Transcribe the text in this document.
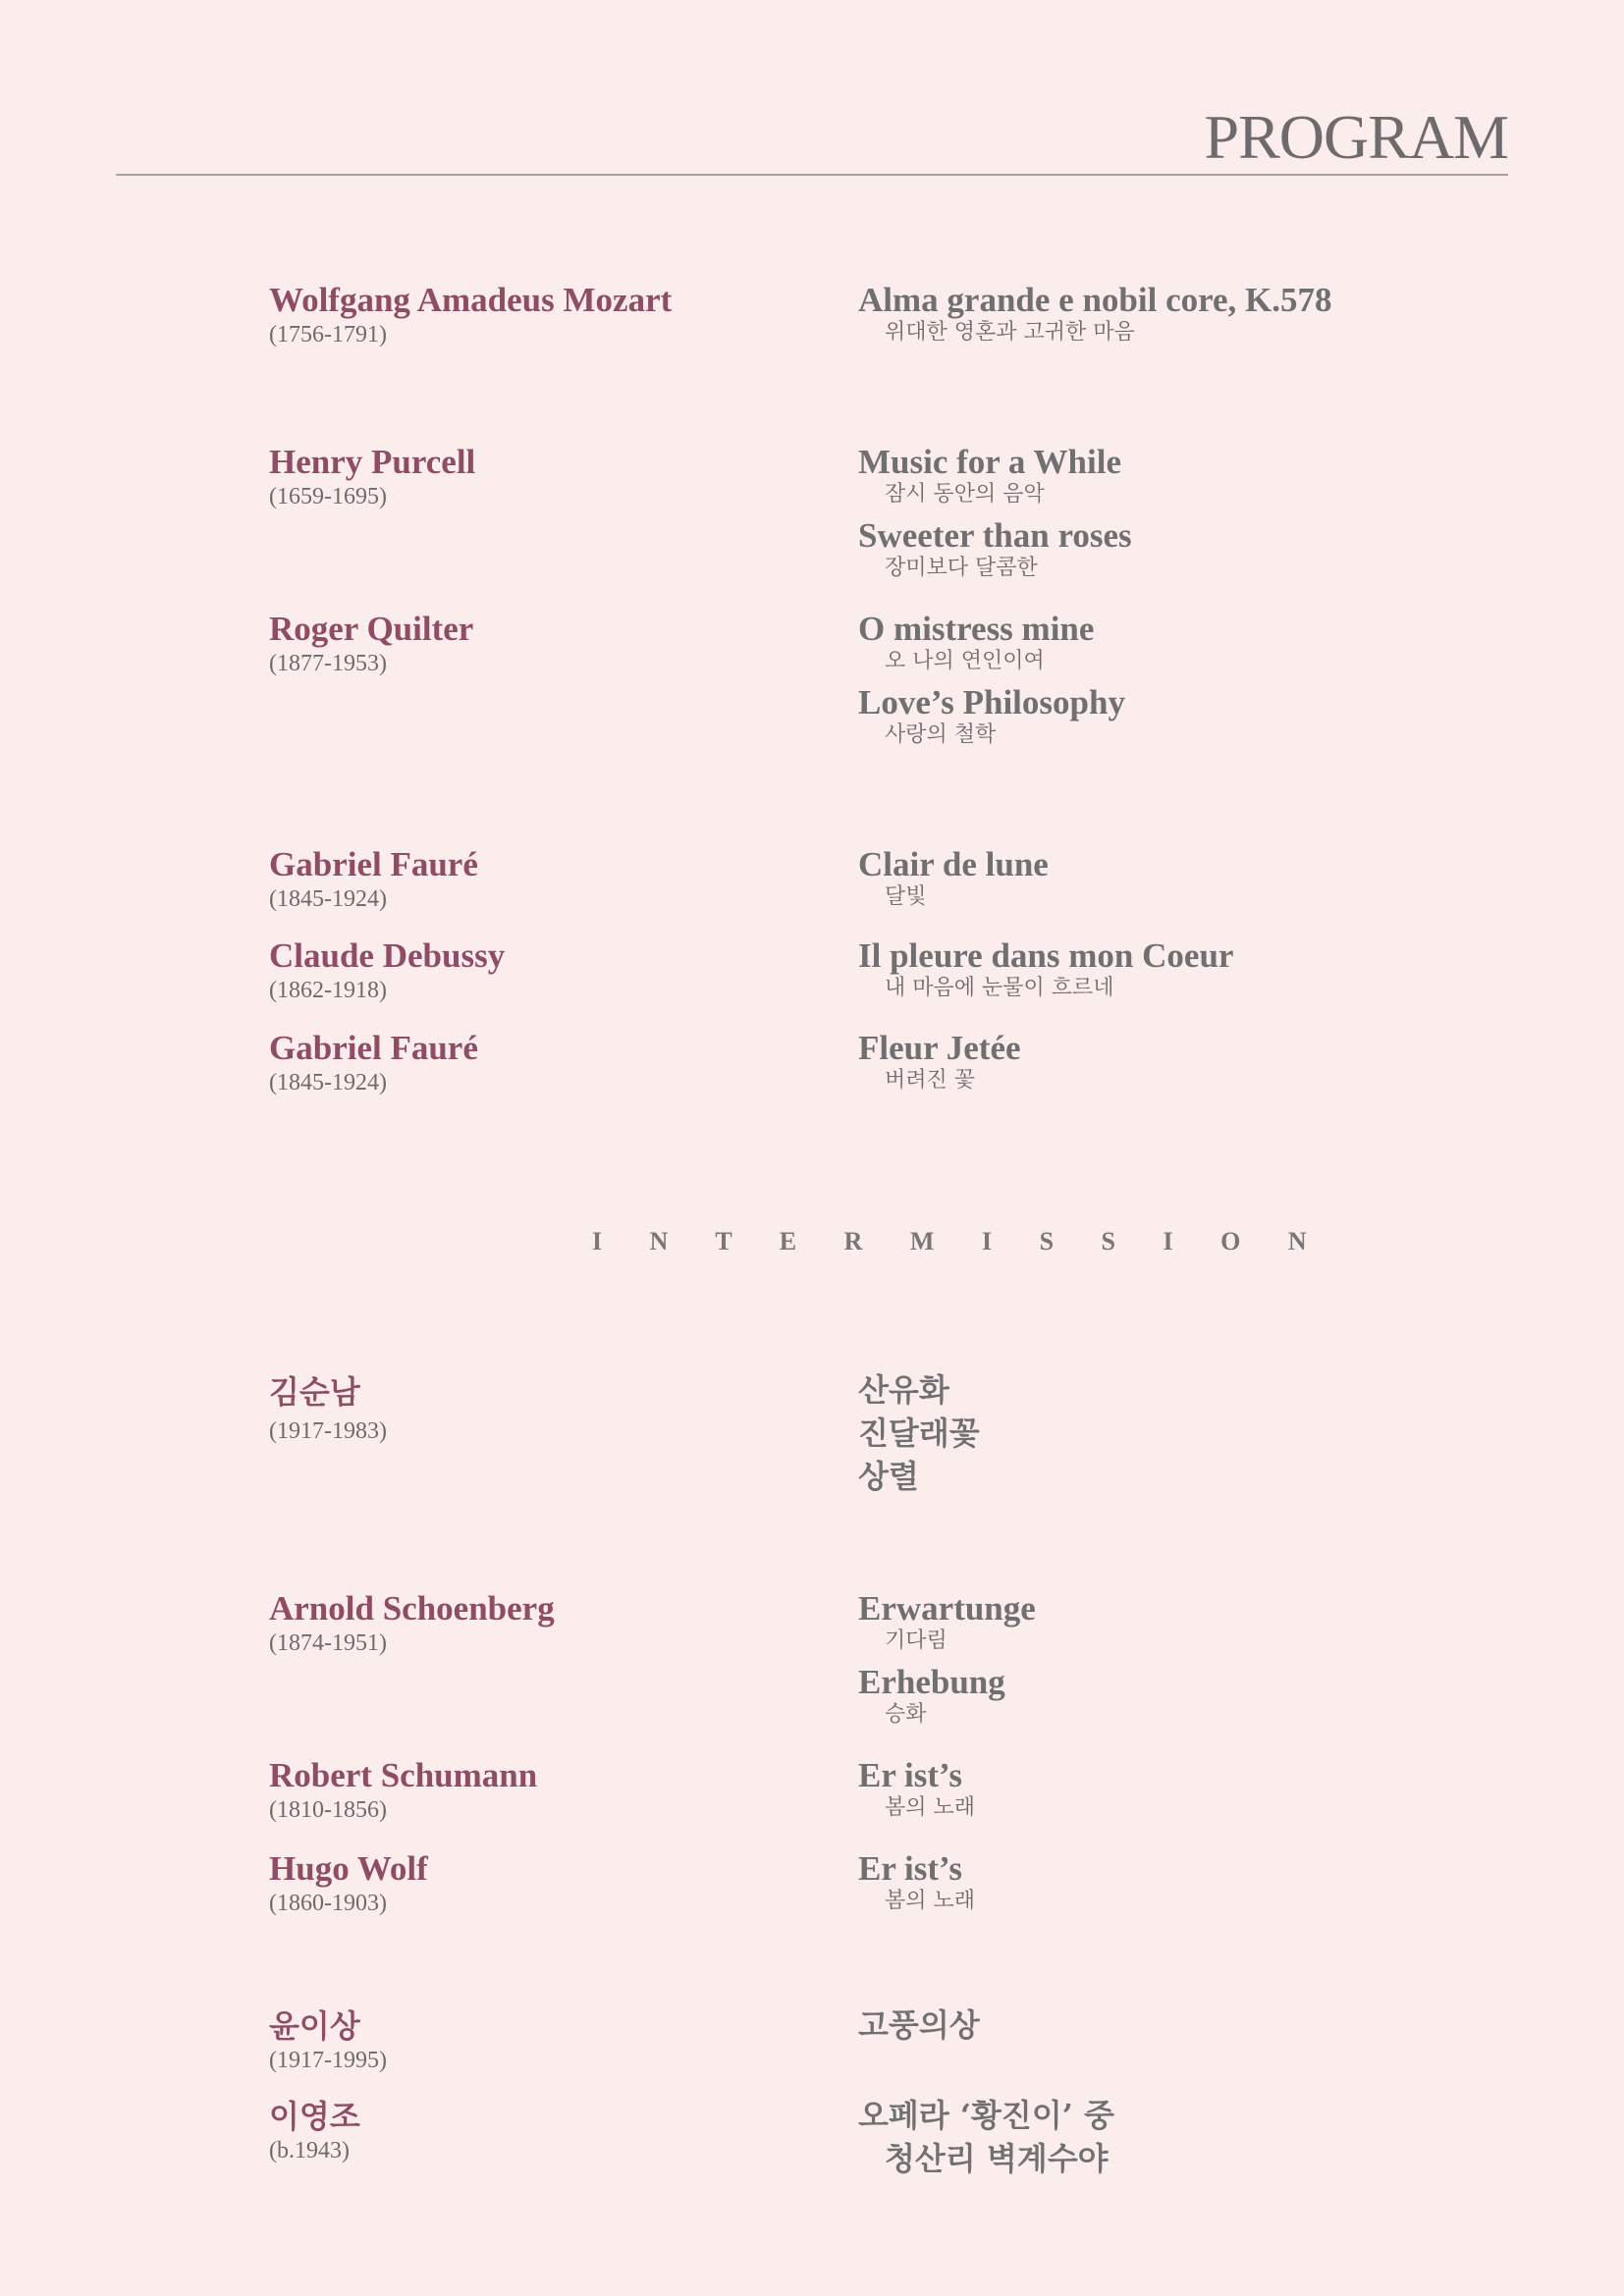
PROGRAM
Wolfgang Amadeus Mozart
(1756-1791)
Henry Purcell
(1659-1695)
Roger Quilter
(1877-1953)
Gabriel Fauré
(1845-1924)
Claude Debussy
(1862-1918)
Gabriel Fauré
(1845-1924)
I N T E R M I S S I O N
김순남
(1917-1983)
Arnold Schoenberg
(1874-1951)
Robert Schumann
(1810-1856)
Hugo Wolf
(1860-1903)
윤이상
(1917-1995)
이영조
(b.1943)
Alma grande e nobil core, K.578
위대한 영혼과 고귀한 마음
Music for a While
잠시 동안의 음악
Sweeter than roses
장미보다 달콤한
O mistress mine
오 나의 연인이여
Love’s Philosophy
사랑의 철학
Clair de lune
달빛
Il pleure dans mon Coeur
내 마음에 눈물이 흐르네
Fleur Jetée
버려진 꽃
산유화
진달래꽃
상렬
Erwartunge
기다림
Erhebung
승화
Er ist’s
봄의 노래
Er ist’s
봄의 노래
고풍의상
오페라 ‘황진이’ 중
청산리 벽계수야
